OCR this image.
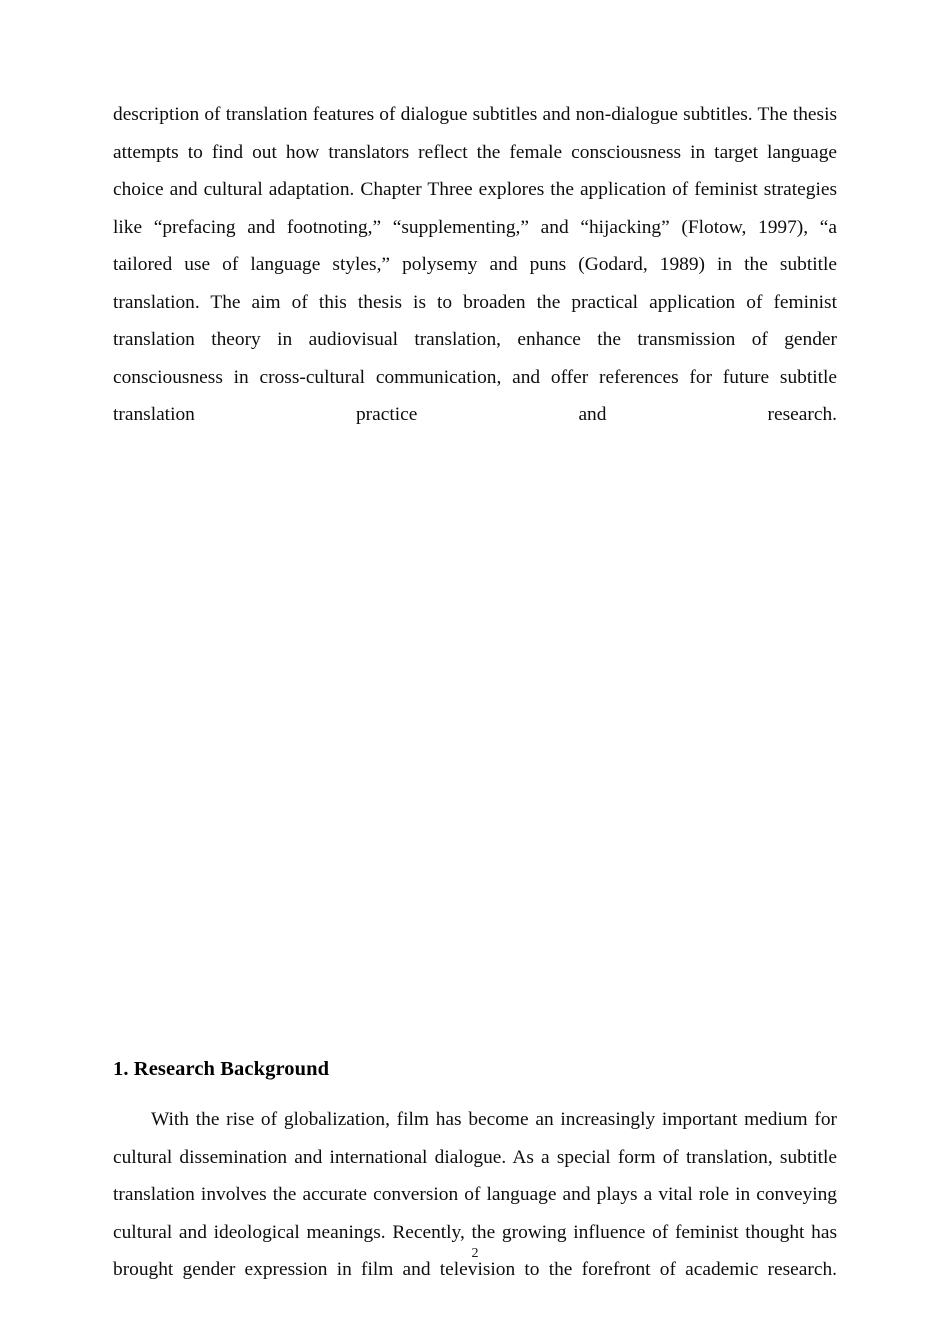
description of translation features of dialogue subtitles and non-dialogue subtitles. The thesis attempts to find out how translators reflect the female consciousness in target language choice and cultural adaptation. Chapter Three explores the application of feminist strategies like “prefacing and footnoting,” “supplementing,” and “hijacking” (Flotow, 1997), “a tailored use of language styles,” polysemy and puns (Godard, 1989) in the subtitle translation. The aim of this thesis is to broaden the practical application of feminist translation theory in audiovisual translation, enhance the transmission of gender consciousness in cross-cultural communication, and offer references for future subtitle translation practice and research.

1. Research Background

With the rise of globalization, film has become an increasingly important medium for cultural dissemination and international dialogue. As a special form of translation, subtitle translation involves the accurate conversion of language and plays a vital role in conveying cultural and ideological meanings. Recently, the growing influence of feminist thought has brought gender expression in film and television to the forefront of academic research.

2
